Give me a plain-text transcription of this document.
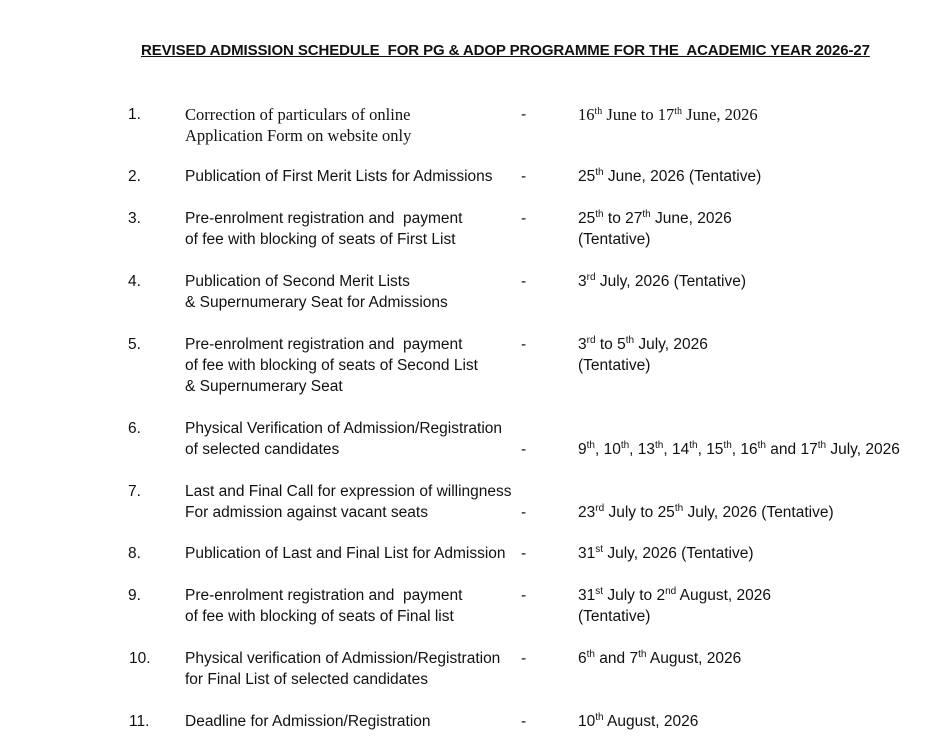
REVISED ADMISSION SCHEDULE  FOR PG & ADOP PROGRAMME FOR THE  ACADEMIC YEAR 2026-27
1.	Correction of particulars of online
Application Form on website only
-	16th June to 17th June, 2026
2.	Publication of First Merit Lists for Admissions -	25th June, 2026 (Tentative)
3.	Pre-enrolment registration and  payment
of fee with blocking of seats of First List
-	25th to 27th June, 2026
(Tentative)
4.	Publication of Second Merit Lists
& Supernumerary Seat for Admissions
-	3rd July, 2026 (Tentative)
5.	Pre-enrolment registration and  payment
of fee with blocking of seats of Second List
& Supernumerary Seat
-	3rd to 5th July, 2026
(Tentative)
6.	Physical Verification of Admission/Registration
of selected candidates	-	9th, 10th, 13th, 14th, 15th, 16th and 17th July, 2026
7.	Last and Final Call for expression of willingness
For admission against vacant seats	-	23rd July to 25th July, 2026 (Tentative)
8.	Publication of Last and Final List for Admission -	31st July, 2026 (Tentative)
9.	Pre-enrolment registration and  payment
of fee with blocking of seats of Final list
-	31st July to 2nd August, 2026
(Tentative)
10. Physical verification of Admission/Registration
for Final List of selected candidates
-	6th and 7th August, 2026
11. Deadline for Admission/Registration	-	10th August, 2026
